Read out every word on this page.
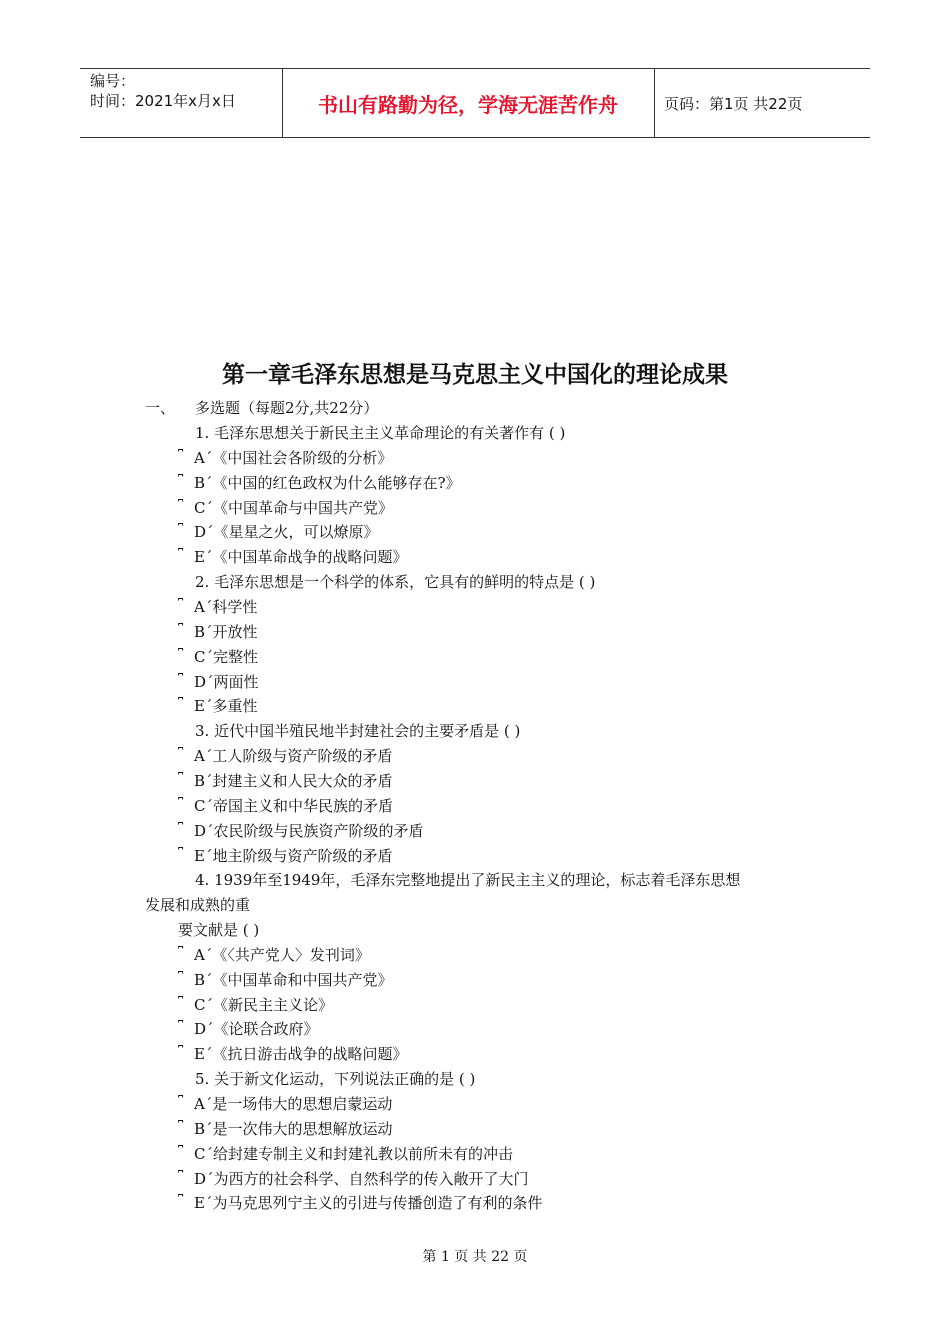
编号：
时间：2021年x月x日	书山有路勤为径，学海无涯苦作舟	页码：第1页 共22页
第一章毛泽东思想是马克思主义中国化的理论成果
一、 多选题（每题2分,共22分）
1. 毛泽东思想关于新民主主义革命理论的有关著作有 ( )
⎴ Aˊ《中国社会各阶级的分析》
⎴ Bˊ《中国的红色政权为什么能够存在?》
⎴ Cˊ《中国革命与中国共产党》
⎴ Dˊ《星星之火，可以燎原》
⎴ Eˊ《中国革命战争的战略问题》
2. 毛泽东思想是一个科学的体系，它具有的鲜明的特点是 ( )
⎴ Aˊ科学性
⎴ Bˊ开放性
⎴ Cˊ完整性
⎴ Dˊ两面性
⎴ Eˊ多重性
3. 近代中国半殖民地半封建社会的主要矛盾是 ( )
⎴ Aˊ工人阶级与资产阶级的矛盾
⎴ Bˊ封建主义和人民大众的矛盾
⎴ Cˊ帝国主义和中华民族的矛盾
⎴ Dˊ农民阶级与民族资产阶级的矛盾
⎴ Eˊ地主阶级与资产阶级的矛盾
4. 1939年至1949年，毛泽东完整地提出了新民主主义的理论，标志着毛泽东思想
发展和成熟的重
要文献是 ( )
⎴ Aˊ《〈共产党人〉发刊词》
⎴ Bˊ《中国革命和中国共产党》
⎴ Cˊ《新民主主义论》
⎴ Dˊ《论联合政府》
⎴ Eˊ《抗日游击战争的战略问题》
5. 关于新文化运动，下列说法正确的是 ( )
⎴ Aˊ是一场伟大的思想启蒙运动
⎴ Bˊ是一次伟大的思想解放运动
⎴ Cˊ给封建专制主义和封建礼教以前所未有的冲击
⎴ Dˊ为西方的社会科学、自然科学的传入敞开了大门
⎴ Eˊ为马克思列宁主义的引进与传播创造了有利的条件
第 1 页 共 22 页
